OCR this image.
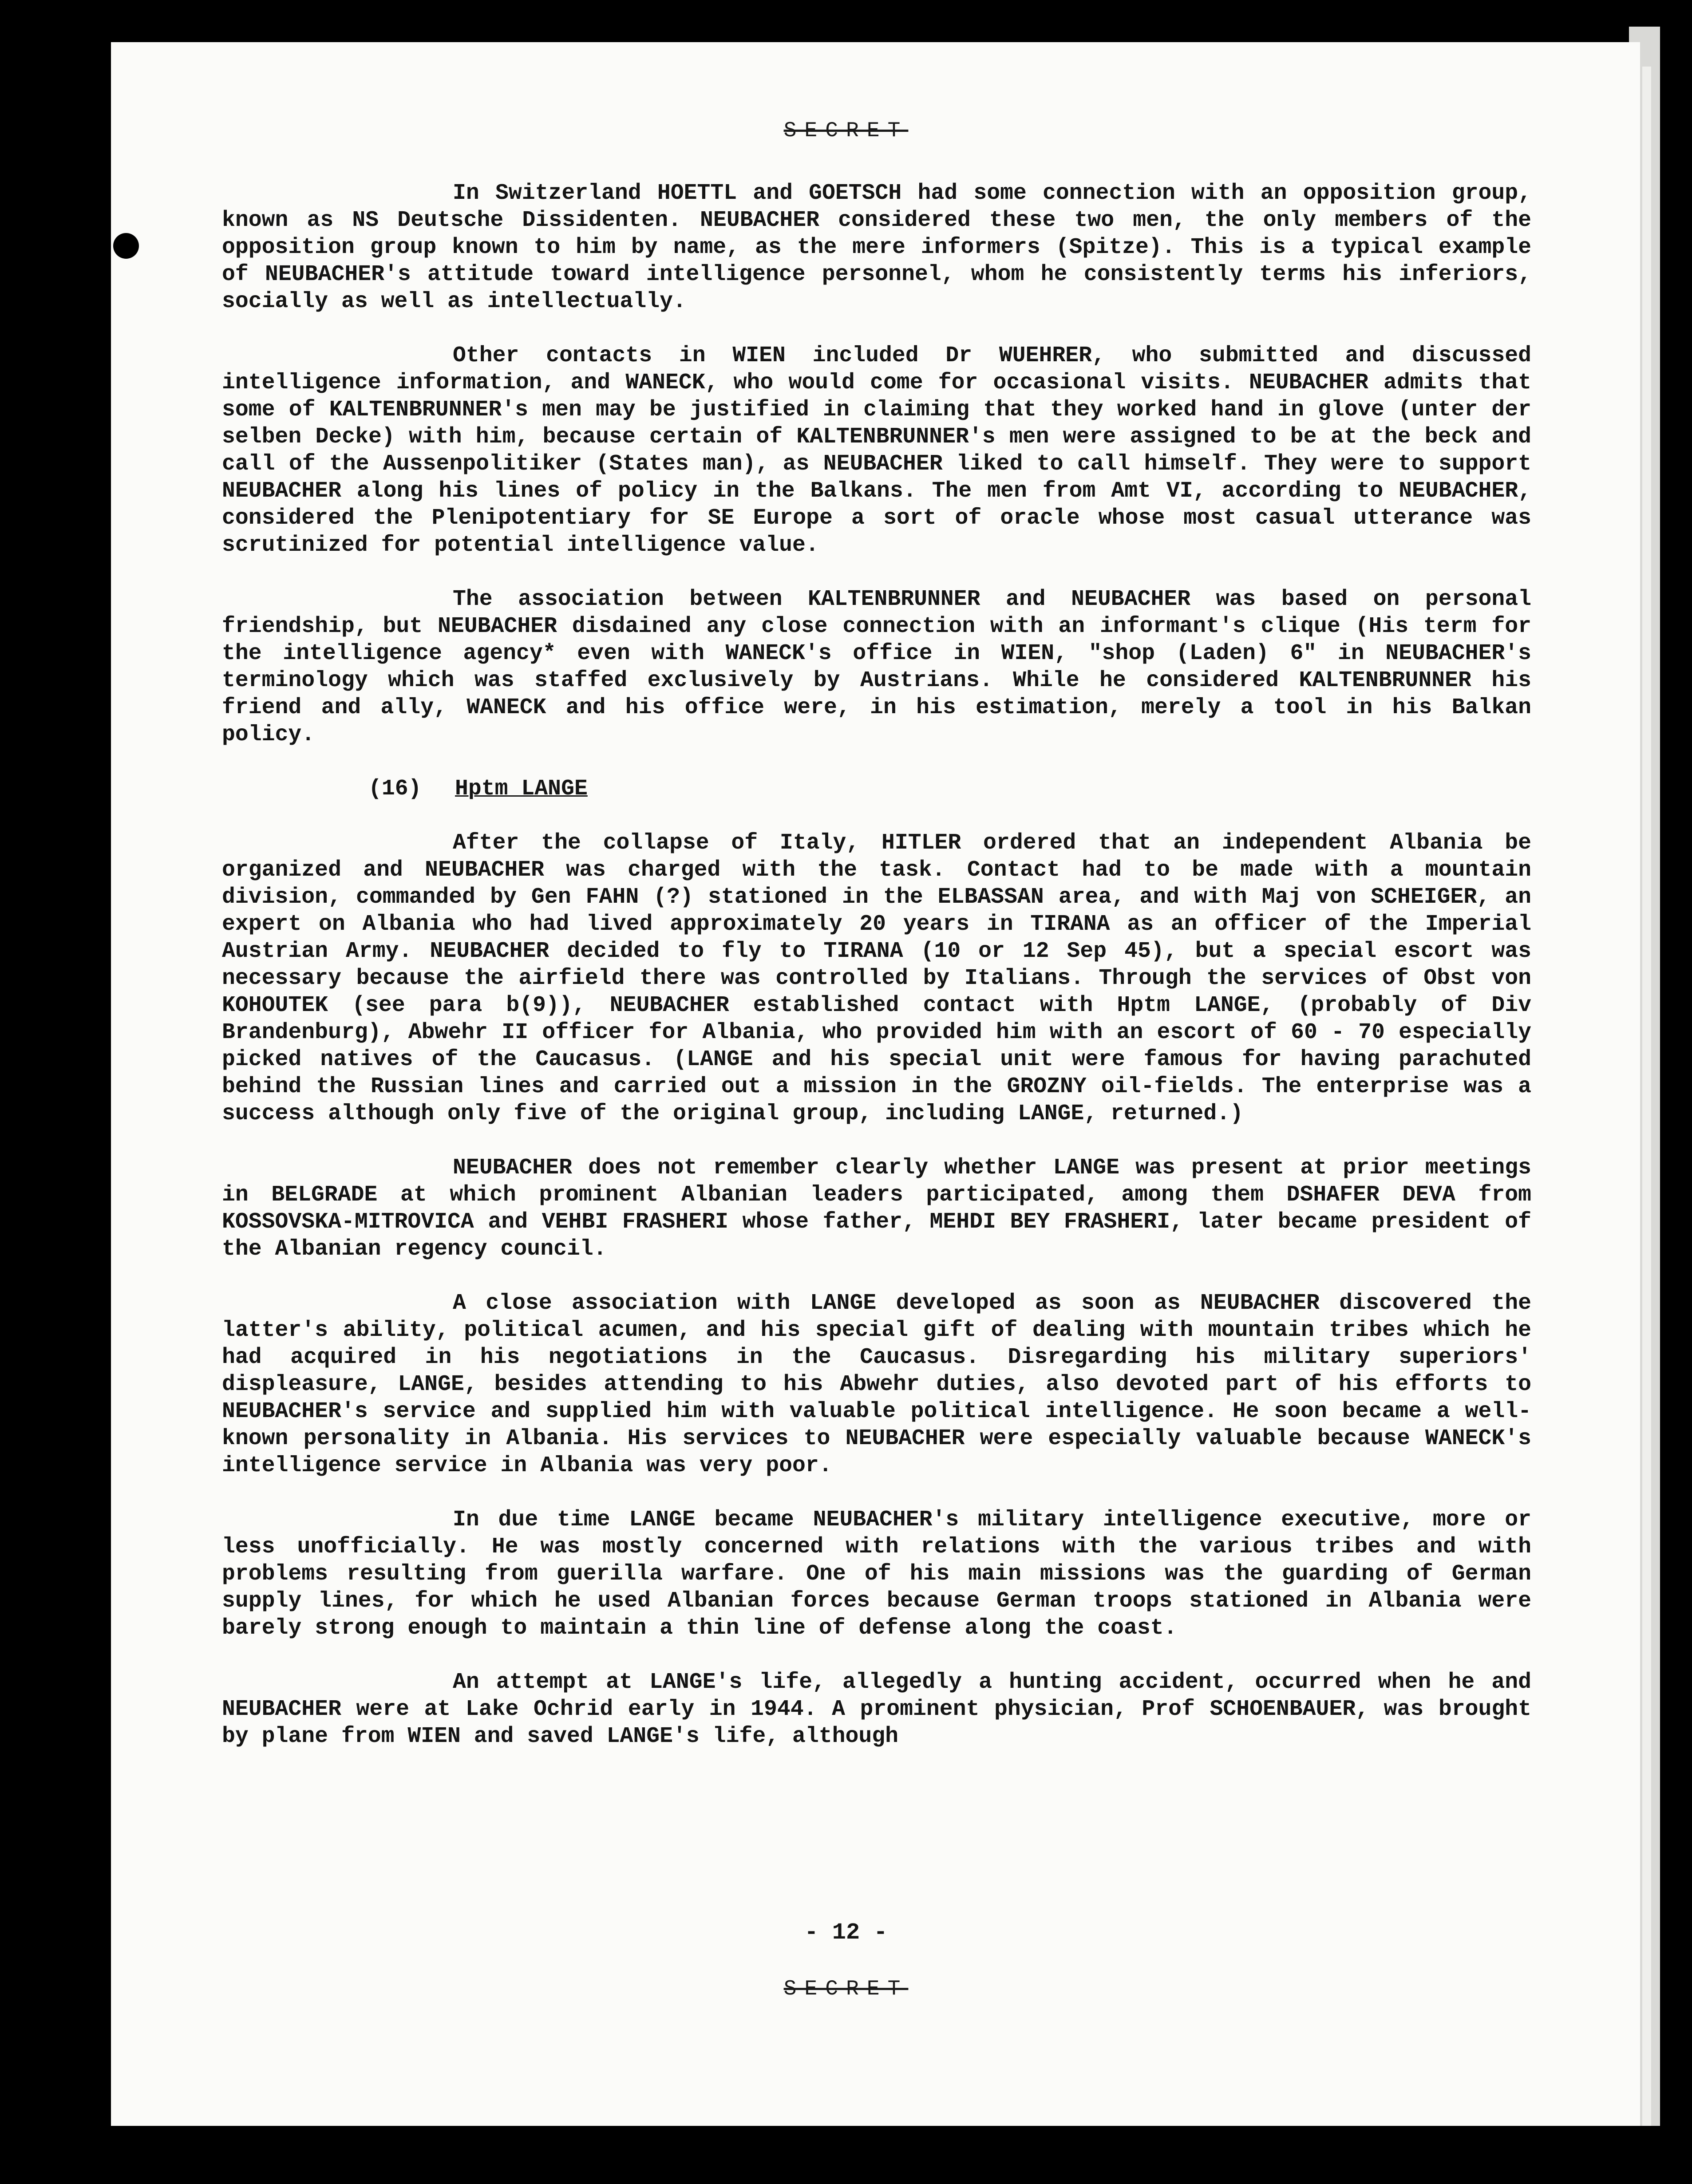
SECRET

In Switzerland HOETTL and GOETSCH had some connection with an opposition group, known as NS Deutsche Dissidenten. NEUBACHER considered these two men, the only members of the opposition group known to him by name, as the mere informers (Spitze). This is a typical example of NEUBACHER's attitude toward intelligence personnel, whom he consistently terms his inferiors, socially as well as intellectually.

Other contacts in WIEN included Dr WUEHRER, who submitted and discussed intelligence information, and WANECK, who would come for occasional visits. NEUBACHER admits that some of KALTENBRUNNER's men may be justified in claiming that they worked hand in glove (unter der selben Decke) with him, because certain of KALTENBRUNNER's men were assigned to be at the beck and call of the Aussenpolitiker (States man), as NEUBACHER liked to call himself. They were to support NEUBACHER along his lines of policy in the Balkans. The men from Amt VI, according to NEUBACHER, considered the Plenipotentiary for SE Europe a sort of oracle whose most casual utterance was scrutinized for potential intelligence value.

The association between KALTENBRUNNER and NEUBACHER was based on personal friendship, but NEUBACHER disdained any close connection with an informant's clique (His term for the intelligence agency* even with WANECK's office in WIEN, "shop (Laden) 6" in NEUBACHER's terminology which was staffed exclusively by Austrians. While he considered KALTENBRUNNER his friend and ally, WANECK and his office were, in his estimation, merely a tool in his Balkan policy.

(16) Hptm LANGE

After the collapse of Italy, HITLER ordered that an independent Albania be organized and NEUBACHER was charged with the task. Contact had to be made with a mountain division, commanded by Gen FAHN (?) stationed in the ELBASSAN area, and with Maj von SCHEIGER, an expert on Albania who had lived approximately 20 years in TIRANA as an officer of the Imperial Austrian Army. NEUBACHER decided to fly to TIRANA (10 or 12 Sep 45), but a special escort was necessary because the airfield there was controlled by Italians. Through the services of Obst von KOHOUTEK (see para b(9)), NEUBACHER established contact with Hptm LANGE, (probably of Div Brandenburg), Abwehr II officer for Albania, who provided him with an escort of 60 - 70 especially picked natives of the Caucasus. (LANGE and his special unit were famous for having parachuted behind the Russian lines and carried out a mission in the GROZNY oil-fields. The enterprise was a success although only five of the original group, including LANGE, returned.)

NEUBACHER does not remember clearly whether LANGE was present at prior meetings in BELGRADE at which prominent Albanian leaders participated, among them DSHAFER DEVA from KOSSOVSKA-MITROVICA and VEHBI FRASHERI whose father, MEHDI BEY FRASHERI, later became president of the Albanian regency council.

A close association with LANGE developed as soon as NEUBACHER discovered the latter's ability, political acumen, and his special gift of dealing with mountain tribes which he had acquired in his negotiations in the Caucasus. Disregarding his military superiors' displeasure, LANGE, besides attending to his Abwehr duties, also devoted part of his efforts to NEUBACHER's service and supplied him with valuable political intelligence. He soon became a well-known personality in Albania. His services to NEUBACHER were especially valuable because WANECK's intelligence service in Albania was very poor.

In due time LANGE became NEUBACHER's military intelligence executive, more or less unofficially. He was mostly concerned with relations with the various tribes and with problems resulting from guerilla warfare. One of his main missions was the guarding of German supply lines, for which he used Albanian forces because German troops stationed in Albania were barely strong enough to maintain a thin line of defense along the coast.

An attempt at LANGE's life, allegedly a hunting accident, occurred when he and NEUBACHER were at Lake Ochrid early in 1944. A prominent physician, Prof SCHOENBAUER, was brought by plane from WIEN and saved LANGE's life, although

- 12 -
SECRET
